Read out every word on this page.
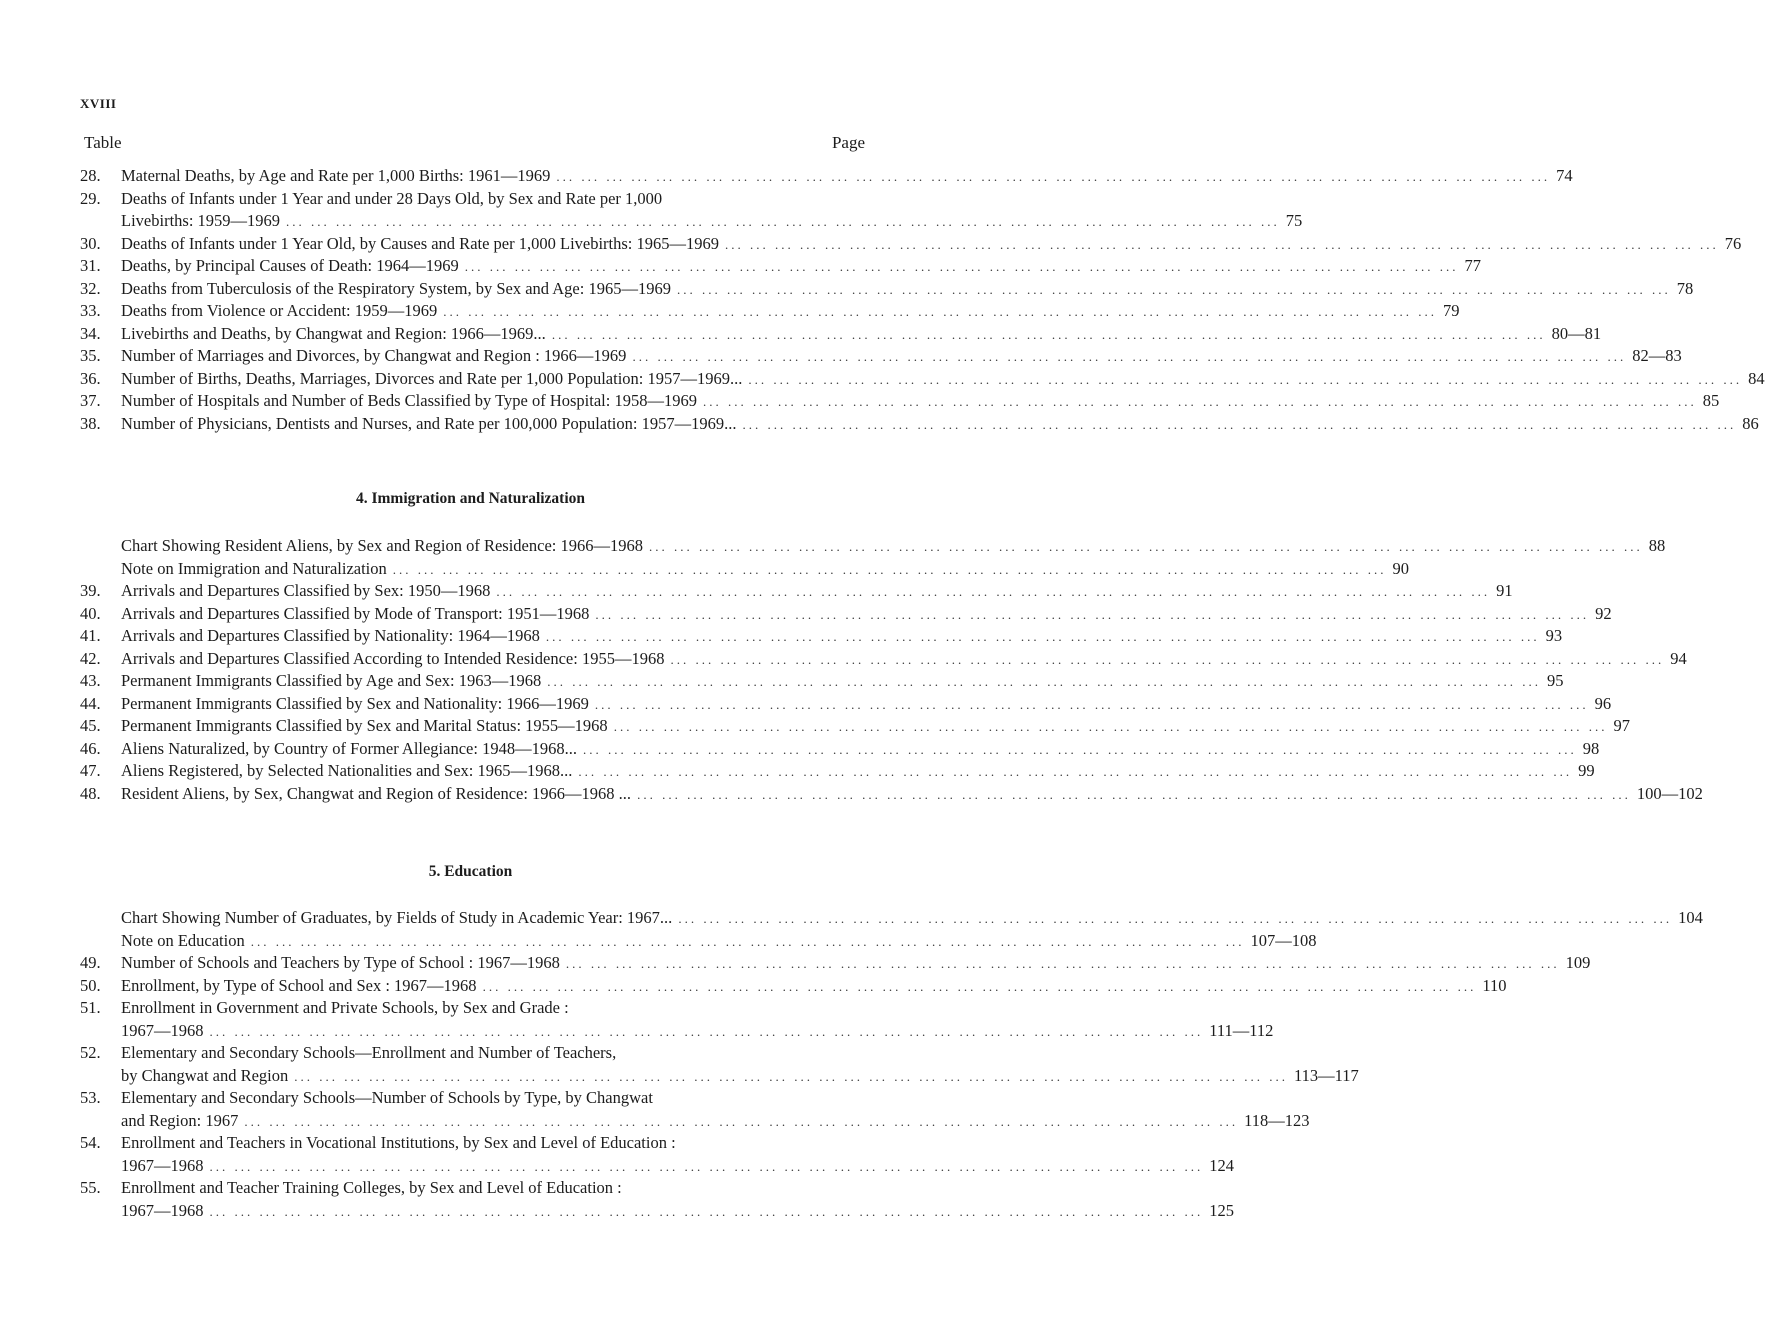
XVIII
Table	Page
28.	Maternal Deaths, by Age and Rate per 1,000 Births: 1961—1969 ... ... ... ... ... ... ... ... ... ... ... ... ... ... ... ... ... ... ... ... ... ... ... ... ... ... ... ... ... ... ... ... ... ... ... ... ... ... ... ... 74
29.	Deaths of Infants under 1 Year and under 28 Days Old, by Sex and Rate per 1,000
Livebirths: 1959—1969 ... ... ... ... ... ... ... ... ... ... ... ... ... ... ... ... ... ... ... ... ... ... ... ... ... ... ... ... ... ... ... ... ... ... ... ... ... ... ... ... 75
30.	Deaths of Infants under 1 Year Old, by Causes and Rate per 1,000 Livebirths: 1965—1969 ... ... ... ... ... ... ... ... ... ... ... ... ... ... ... ... ... ... ... ... ... ... ... ... ... ... ... ... ... ... ... ... ... ... ... ... ... ... ... ... 76
31.	Deaths, by Principal Causes of Death: 1964—1969 ... ... ... ... ... ... ... ... ... ... ... ... ... ... ... ... ... ... ... ... ... ... ... ... ... ... ... ... ... ... ... ... ... ... ... ... ... ... ... ... 77
32.	Deaths from Tuberculosis of the Respiratory System, by Sex and Age: 1965—1969 ... ... ... ... ... ... ... ... ... ... ... ... ... ... ... ... ... ... ... ... ... ... ... ... ... ... ... ... ... ... ... ... ... ... ... ... ... ... ... ... 78
33.	Deaths from Violence or Accident: 1959—1969 ... ... ... ... ... ... ... ... ... ... ... ... ... ... ... ... ... ... ... ... ... ... ... ... ... ... ... ... ... ... ... ... ... ... ... ... ... ... ... ... 79
34.	Livebirths and Deaths, by Changwat and Region: 1966—1969... ... ... ... ... ... ... ... ... ... ... ... ... ... ... ... ... ... ... ... ... ... ... ... ... ... ... ... ... ... ... ... ... ... ... ... ... ... ... ... ... 80—81
35.	Number of Marriages and Divorces, by Changwat and Region : 1966—1969 ... ... ... ... ... ... ... ... ... ... ... ... ... ... ... ... ... ... ... ... ... ... ... ... ... ... ... ... ... ... ... ... ... ... ... ... ... ... ... ... 82—83
36.	Number of Births, Deaths, Marriages, Divorces and Rate per 1,000 Population: 1957—1969... ... ... ... ... ... ... ... ... ... ... ... ... ... ... ... ... ... ... ... ... ... ... ... ... ... ... ... ... ... ... ... ... ... ... ... ... ... ... ... ... 84
37.	Number of Hospitals and Number of Beds Classified by Type of Hospital: 1958—1969 ... ... ... ... ... ... ... ... ... ... ... ... ... ... ... ... ... ... ... ... ... ... ... ... ... ... ... ... ... ... ... ... ... ... ... ... ... ... ... ... 85
38.	Number of Physicians, Dentists and Nurses, and Rate per 100,000 Population: 1957—1969... ... ... ... ... ... ... ... ... ... ... ... ... ... ... ... ... ... ... ... ... ... ... ... ... ... ... ... ... ... ... ... ... ... ... ... ... ... ... ... ... 86
4. Immigration and Naturalization
Chart Showing Resident Aliens, by Sex and Region of Residence: 1966—1968 ... ... ... ... ... ... ... ... ... ... ... ... ... ... ... ... ... ... ... ... ... ... ... ... ... ... ... ... ... ... ... ... ... ... ... ... ... ... ... ... 88
Note on Immigration and Naturalization ... ... ... ... ... ... ... ... ... ... ... ... ... ... ... ... ... ... ... ... ... ... ... ... ... ... ... ... ... ... ... ... ... ... ... ... ... ... ... ... 90
39.	Arrivals and Departures Classified by Sex: 1950—1968 ... ... ... ... ... ... ... ... ... ... ... ... ... ... ... ... ... ... ... ... ... ... ... ... ... ... ... ... ... ... ... ... ... ... ... ... ... ... ... ... 91
40.	Arrivals and Departures Classified by Mode of Transport: 1951—1968 ... ... ... ... ... ... ... ... ... ... ... ... ... ... ... ... ... ... ... ... ... ... ... ... ... ... ... ... ... ... ... ... ... ... ... ... ... ... ... ... 92
41.	Arrivals and Departures Classified by Nationality: 1964—1968 ... ... ... ... ... ... ... ... ... ... ... ... ... ... ... ... ... ... ... ... ... ... ... ... ... ... ... ... ... ... ... ... ... ... ... ... ... ... ... ... 93
42.	Arrivals and Departures Classified According to Intended Residence: 1955—1968 ... ... ... ... ... ... ... ... ... ... ... ... ... ... ... ... ... ... ... ... ... ... ... ... ... ... ... ... ... ... ... ... ... ... ... ... ... ... ... ... 94
43.	Permanent Immigrants Classified by Age and Sex: 1963—1968 ... ... ... ... ... ... ... ... ... ... ... ... ... ... ... ... ... ... ... ... ... ... ... ... ... ... ... ... ... ... ... ... ... ... ... ... ... ... ... ... 95
44.	Permanent Immigrants Classified by Sex and Nationality: 1966—1969 ... ... ... ... ... ... ... ... ... ... ... ... ... ... ... ... ... ... ... ... ... ... ... ... ... ... ... ... ... ... ... ... ... ... ... ... ... ... ... ... 96
45.	Permanent Immigrants Classified by Sex and Marital Status: 1955—1968 ... ... ... ... ... ... ... ... ... ... ... ... ... ... ... ... ... ... ... ... ... ... ... ... ... ... ... ... ... ... ... ... ... ... ... ... ... ... ... ... 97
46.	Aliens Naturalized, by Country of Former Allegiance: 1948—1968... ... ... ... ... ... ... ... ... ... ... ... ... ... ... ... ... ... ... ... ... ... ... ... ... ... ... ... ... ... ... ... ... ... ... ... ... ... ... ... ... 98
47.	Aliens Registered, by Selected Nationalities and Sex: 1965—1968... ... ... ... ... ... ... ... ... ... ... ... ... ... ... ... ... ... ... ... ... ... ... ... ... ... ... ... ... ... ... ... ... ... ... ... ... ... ... ... ... 99
48.	Resident Aliens, by Sex, Changwat and Region of Residence: 1966—1968 ... ... ... ... ... ... ... ... ... ... ... ... ... ... ... ... ... ... ... ... ... ... ... ... ... ... ... ... ... ... ... ... ... ... ... ... ... ... ... ... ... 100—102
5. Education
Chart Showing Number of Graduates, by Fields of Study in Academic Year: 1967... ... ... ... ... ... ... ... ... ... ... ... ... ... ... ... ... ... ... ... ... ... ... ... ... ... ... ... ... ... ... ... ... ... ... ... ... ... ... ... ... 104
Note on Education ... ... ... ... ... ... ... ... ... ... ... ... ... ... ... ... ... ... ... ... ... ... ... ... ... ... ... ... ... ... ... ... ... ... ... ... ... ... ... ... 107—108
49.	Number of Schools and Teachers by Type of School : 1967—1968 ... ... ... ... ... ... ... ... ... ... ... ... ... ... ... ... ... ... ... ... ... ... ... ... ... ... ... ... ... ... ... ... ... ... ... ... ... ... ... ... 109
50.	Enrollment, by Type of School and Sex : 1967—1968 ... ... ... ... ... ... ... ... ... ... ... ... ... ... ... ... ... ... ... ... ... ... ... ... ... ... ... ... ... ... ... ... ... ... ... ... ... ... ... ... 110
51.	Enrollment in Government and Private Schools, by Sex and Grade :
1967—1968 ... ... ... ... ... ... ... ... ... ... ... ... ... ... ... ... ... ... ... ... ... ... ... ... ... ... ... ... ... ... ... ... ... ... ... ... ... ... ... ... 111—112
52.	Elementary and Secondary Schools—Enrollment and Number of Teachers,
by Changwat and Region ... ... ... ... ... ... ... ... ... ... ... ... ... ... ... ... ... ... ... ... ... ... ... ... ... ... ... ... ... ... ... ... ... ... ... ... ... ... ... ... 113—117
53.	Elementary and Secondary Schools—Number of Schools by Type, by Changwat
and Region: 1967 ... ... ... ... ... ... ... ... ... ... ... ... ... ... ... ... ... ... ... ... ... ... ... ... ... ... ... ... ... ... ... ... ... ... ... ... ... ... ... ... 118—123
54.	Enrollment and Teachers in Vocational Institutions, by Sex and Level of Education :
1967—1968 ... ... ... ... ... ... ... ... ... ... ... ... ... ... ... ... ... ... ... ... ... ... ... ... ... ... ... ... ... ... ... ... ... ... ... ... ... ... ... ... 124
55.	Enrollment and Teacher Training Colleges, by Sex and Level of Education :
1967—1968 ... ... ... ... ... ... ... ... ... ... ... ... ... ... ... ... ... ... ... ... ... ... ... ... ... ... ... ... ... ... ... ... ... ... ... ... ... ... ... ... 125
